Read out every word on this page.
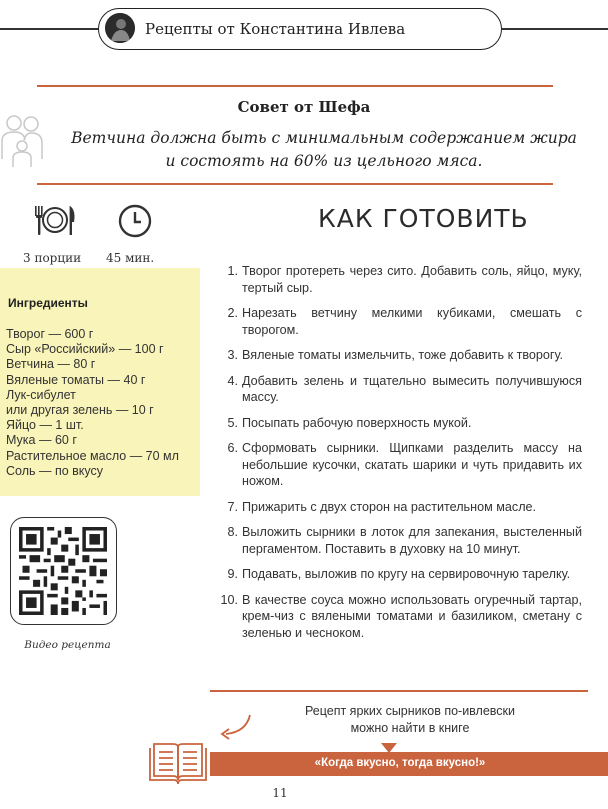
Рецепты от Константина Ивлева
Совет от Шефа
Ветчина должна быть с минимальным содержанием жира
и состоять на 60% из цельного мяса.
3 порции 45 мин.
Ингредиенты
Творог — 600 г
Сыр «Российский» — 100 г
Ветчина — 80 г
Вяленые томаты — 40 г
Лук-сибулет
или другая зелень — 10 г
Яйцо — 1 шт.
Мука — 60 г
Растительное масло — 70 мл
Соль — по вкусу
Видео рецепта
КАК ГОТОВИТЬ
1. Творог протереть через сито. Добавить соль, яйцо, муку, тертый сыр.
2. Нарезать ветчину мелкими кубиками, смешать с творогом.
3. Вяленые томаты измельчить, тоже добавить к творогу.
4. Добавить зелень и тщательно вымесить получившуюся массу.
5. Посыпать рабочую поверхность мукой.
6. Сформовать сырники. Щипками разделить массу на небольшие кусочки, скатать шарики и чуть придавить их ножом.
7. Прижарить с двух сторон на растительном масле.
8. Выложить сырники в лоток для запекания, выстеленный пергаментом. Поставить в духовку на 10 минут.
9. Подавать, выложив по кругу на сервировочную тарелку.
10. В качестве соуса можно использовать огуречный тартар, крем-чиз с вялеными томатами и базиликом, сметану с зеленью и чесноком.
Рецепт ярких сырников по-ивлевски
можно найти в книге
«Когда вкусно, тогда вкусно!»
11
